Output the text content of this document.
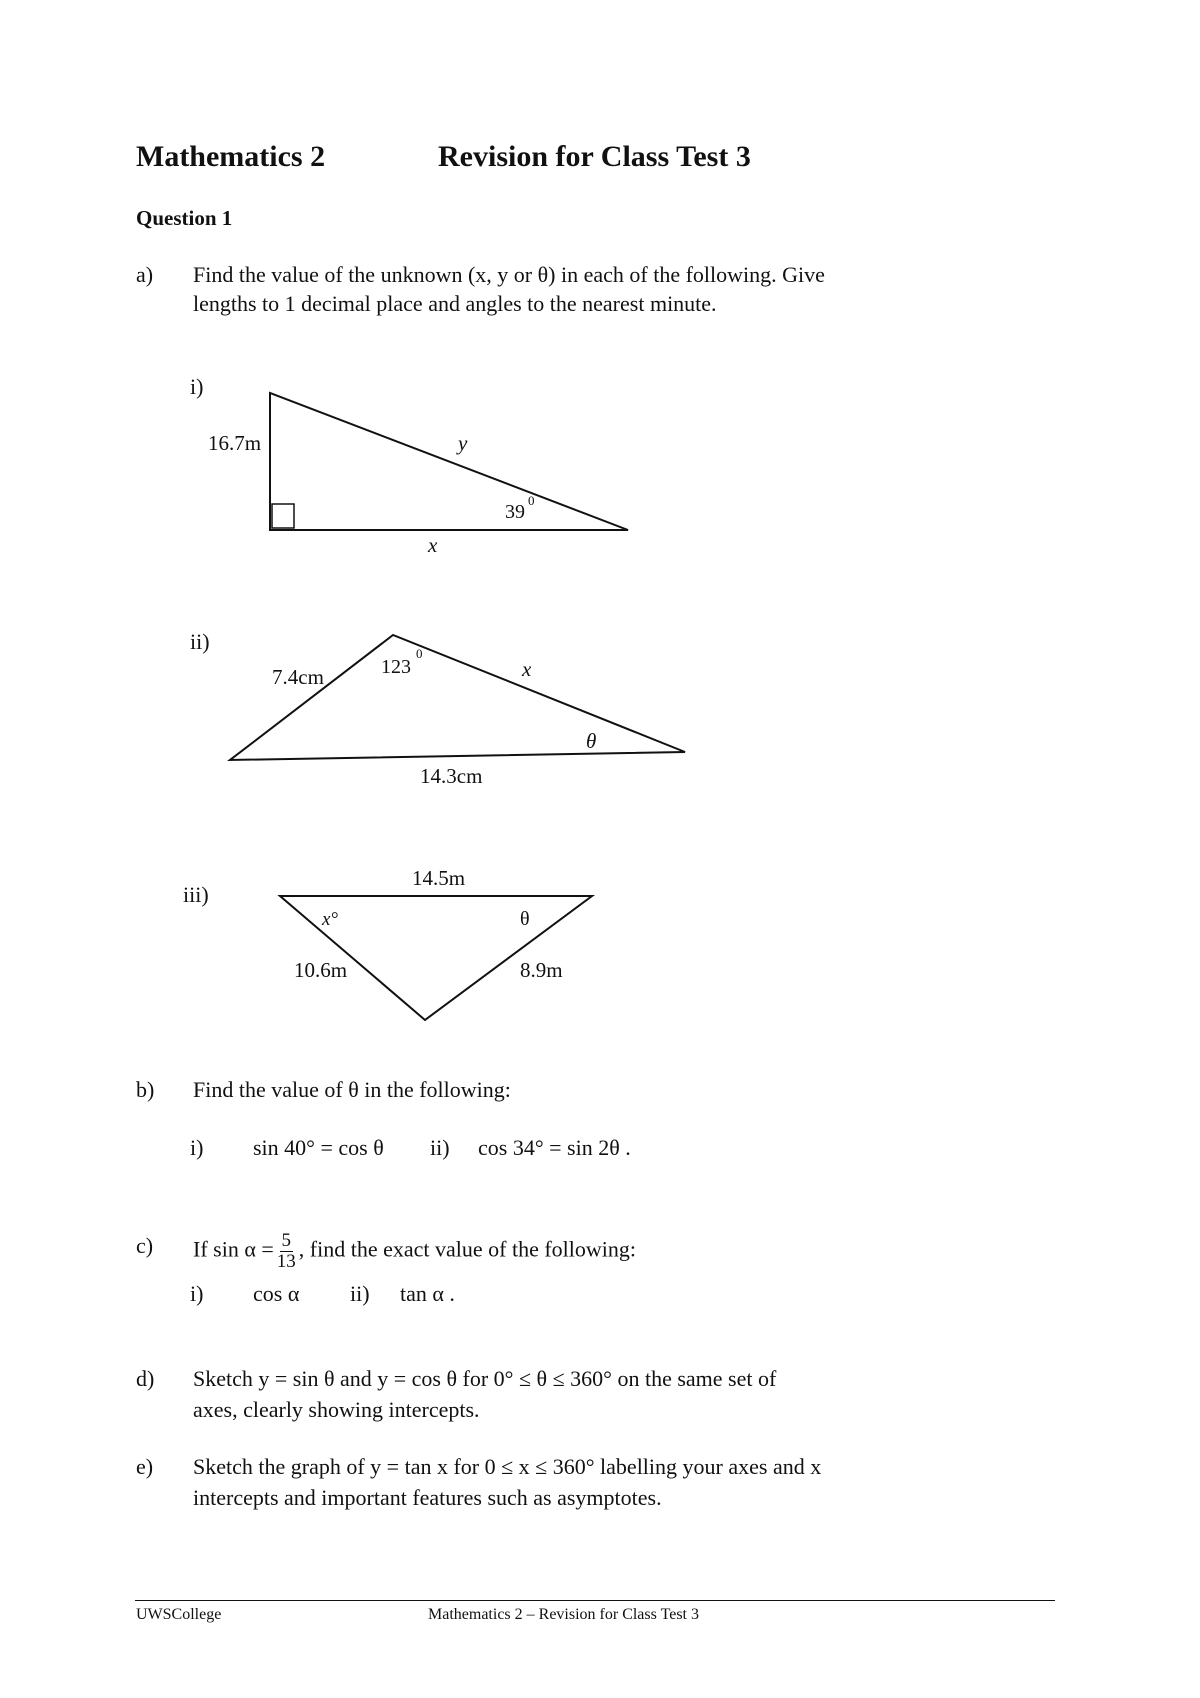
Mathematics 2	Revision for Class Test 3
Question 1
a) Find the value of the unknown (x, y or θ) in each of the following. Give
lengths to 1 decimal place and angles to the nearest minute.
i)
ii)
iii)
16.7m	y
39
0
x
7.4cm	123
0
x
θ
14.3cm
14.5m
x°	θ
10.6m	8.9m
b) Find the value of θ in the following:
i) sin 40° = cos θ ii) cos 34° = sin 2θ .
c) If $\sin \alpha = \frac{5}{13}$ , find the exact value of the following:
i) cos α ii) tan α .
d) Sketch y = sin θ and y = cos θ for 0° ≤ θ ≤ 360° on the same set of
axes, clearly showing intercepts.
e) Sketch the graph of y = tan x for 0 ≤ x ≤ 360° labelling your axes and x
intercepts and important features such as asymptotes.
UWSCollege	Mathematics 2 – Revision for Class Test 3
